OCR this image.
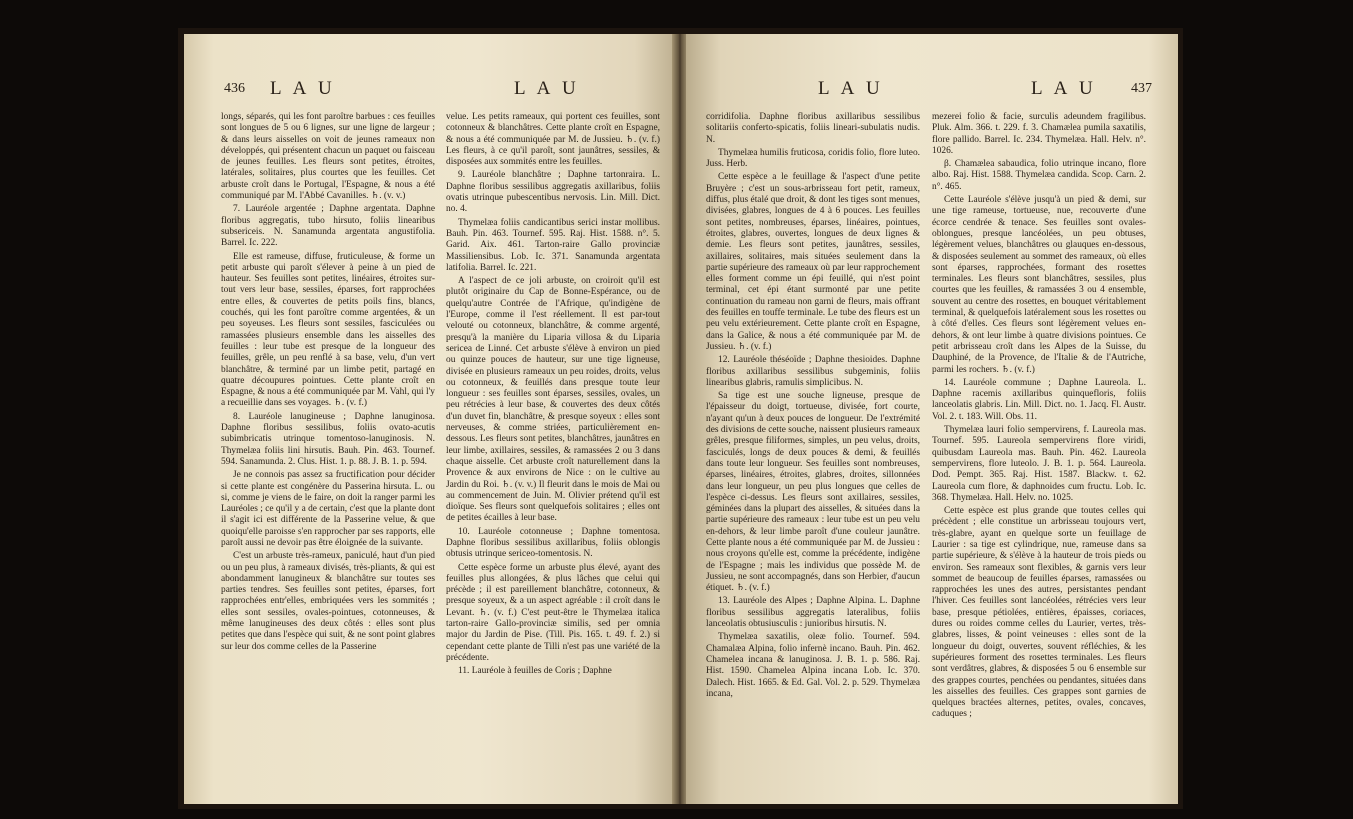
436 L A U	L A U

longs, séparés, qui les font paroître barbues : ces feuilles sont longues de 5 ou 6 lignes, sur une ligne de largeur ; & dans leurs aisselles on voit de jeunes rameaux non développés, qui présentent chacun un paquet ou faisceau de jeunes feuilles. Les fleurs sont petites, étroites, latérales, solitaires, plus courtes que les feuilles. Cet arbuste croît dans le Portugal, l'Espagne, & nous a été communiqué par M. l'Abbé Cavanilles. ♄. (v. v.)

7. Lauréole argentée ; Daphne argentata. Daphne floribus aggregatis, tubo hirsuto, foliis linearibus subsericeis. N. Sanamunda argentata angustifolia. Barrel. Ic. 222.

Elle est rameuse, diffuse, fruticuleuse, & forme un petit arbuste qui paroît s'élever à peine à un pied de hauteur. Ses feuilles sont petites, linéaires, étroites sur-tout vers leur base, sessiles, éparses, fort rapprochées entre elles, & couvertes de petits poils fins, blancs, couchés, qui les font paroître comme argentées, & un peu soyeuses. Les fleurs sont sessiles, fasciculées ou ramassées plusieurs ensemble dans les aisselles des feuilles : leur tube est presque de la longueur des feuilles, grêle, un peu renflé à sa base, velu, d'un vert blanchâtre, & terminé par un limbe petit, partagé en quatre découpures pointues. Cette plante croît en Espagne, & nous a été communiquée par M. Vahl, qui l'y a recueillie dans ses voyages. ♄. (v. f.)

8. Lauréole lanugineuse ; Daphne lanuginosa. Daphne floribus sessilibus, foliis ovato-acutis subimbricatis utrinque tomentoso-lanuginosis. N. Thymelæa foliis lini hirsutis. Bauh. Pin. 463. Tournef. 594. Sanamunda. 2. Clus. Hist. 1. p. 88. J. B. 1. p. 594.

Je ne connois pas assez sa fructification pour décider si cette plante est congénère du Passerina hirsuta. L. ou si, comme je viens de le faire, on doit la ranger parmi les Lauréoles ; ce qu'il y a de certain, c'est que la plante dont il s'agit ici est différente de la Passerine velue, & que quoiqu'elle paroisse s'en rapprocher par ses rapports, elle paroît aussi ne devoir pas être éloignée de la suivante.

C'est un arbuste très-rameux, paniculé, haut d'un pied ou un peu plus, à rameaux divisés, très-pliants, & qui est abondamment lanugineux & blanchâtre sur toutes ses parties tendres. Ses feuilles sont petites, éparses, fort rapprochées entr'elles, embriquées vers les sommités ; elles sont sessiles, ovales-pointues, cotonneuses, & même lanugineuses des deux côtés : elles sont plus petites que dans l'espèce qui suit, & ne sont point glabres sur leur dos comme celles de la Passerine

velue. Les petits rameaux, qui portent ces feuilles, sont cotonneux & blanchâtres. Cette plante croît en Espagne, & nous a été communiquée par M. de Jussieu. ♄. (v. f.) Les fleurs, à ce qu'il paroît, sont jaunâtres, sessiles, & disposées aux sommités entre les feuilles.

9. Lauréole blanchâtre ; Daphne tartonraira. L. Daphne floribus sessilibus aggregatis axillaribus, foliis ovatis utrinque pubescentibus nervosis. Lin. Mill. Dict. no. 4.

Thymelæa foliis candicantibus serici instar mollibus. Bauh. Pin. 463. Tournef. 595. Raj. Hist. 1588. n°. 5. Garid. Aix. 461. Tarton-raire Gallo provinciæ Massiliensibus. Lob. Ic. 371. Sanamunda argentata latifolia. Barrel. Ic. 221.

A l'aspect de ce joli arbuste, on croiroit qu'il est plutôt originaire du Cap de Bonne-Espérance, ou de quelqu'autre Contrée de l'Afrique, qu'indigène de l'Europe, comme il l'est réellement. Il est par-tout velouté ou cotonneux, blanchâtre, & comme argenté, presqu'à la manière du Liparia villosa & du Liparia sericea de Linné. Cet arbuste s'élève à environ un pied ou quinze pouces de hauteur, sur une tige ligneuse, divisée en plusieurs rameaux un peu roides, droits, velus ou cotonneux, & feuillés dans presque toute leur longueur : ses feuilles sont éparses, sessiles, ovales, un peu rétrécies à leur base, & couvertes des deux côtés d'un duvet fin, blanchâtre, & presque soyeux : elles sont nerveuses, & comme striées, particulièrement en-dessous. Les fleurs sont petites, blanchâtres, jaunâtres en leur limbe, axillaires, sessiles, & ramassées 2 ou 3 dans chaque aisselle. Cet arbuste croît naturellement dans la Provence & aux environs de Nice : on le cultive au Jardin du Roi. ♄. (v. v.) Il fleurit dans le mois de Mai ou au commencement de Juin. M. Olivier prétend qu'il est dioïque. Ses fleurs sont quelquefois solitaires ; elles ont de petites écailles à leur base.

10. Lauréole cotonneuse ; Daphne tomentosa. Daphne floribus sessilibus axillaribus, foliis oblongis obtusis utrinque sericeo-tomentosis. N.

Cette espèce forme un arbuste plus élevé, ayant des feuilles plus allongées, & plus lâches que celui qui précède ; il est pareillement blanchâtre, cotonneux, & presque soyeux, & a un aspect agréable : il croît dans le Levant. ♄. (v. f.) C'est peut-être le Thymelæa italica tarton-raire Gallo-provinciæ similis, sed per omnia major du Jardin de Pise. (Till. Pis. 165. t. 49. f. 2.) si cependant cette plante de Tilli n'est pas une variété de la précédente.

11. Lauréole à feuilles de Coris ; Daphne

L A U	L A U 437

corridifolia. Daphne floribus axillaribus sessilibus solitariis conferto-spicatis, foliis lineari-subulatis nudis. N.

Thymelæa humilis fruticosa, coridis folio, flore luteo. Juss. Herb.

Cette espèce a le feuillage & l'aspect d'une petite Bruyère ; c'est un sous-arbrisseau fort petit, rameux, diffus, plus étalé que droit, & dont les tiges sont menues, divisées, glabres, longues de 4 à 6 pouces. Les feuilles sont petites, nombreuses, éparses, linéaires, pointues, étroites, glabres, ouvertes, longues de deux lignes & demie. Les fleurs sont petites, jaunâtres, sessiles, axillaires, solitaires, mais situées seulement dans la partie supérieure des rameaux où par leur rapprochement elles forment comme un épi feuillé, qui n'est point terminal, cet épi étant surmonté par une petite continuation du rameau non garni de fleurs, mais offrant des feuilles en touffe terminale. Le tube des fleurs est un peu velu extérieurement. Cette plante croît en Espagne, dans la Galice, & nous a été communiquée par M. de Jussieu. ♄. (v. f.)

12. Lauréole théséoïde ; Daphne thesioides. Daphne floribus axillaribus sessilibus subgeminis, foliis linearibus glabris, ramulis simplicibus. N.

Sa tige est une souche ligneuse, presque de l'épaisseur du doigt, tortueuse, divisée, fort courte, n'ayant qu'un à deux pouces de longueur. De l'extrémité des divisions de cette souche, naissent plusieurs rameaux grêles, presque filiformes, simples, un peu velus, droits, fasciculés, longs de deux pouces & demi, & feuillés dans toute leur longueur. Ses feuilles sont nombreuses, éparses, linéaires, étroites, glabres, droites, sillonnées dans leur longueur, un peu plus longues que celles de l'espèce ci-dessus. Les fleurs sont axillaires, sessiles, géminées dans la plupart des aisselles, & situées dans la partie supérieure des rameaux : leur tube est un peu velu en-dehors, & leur limbe paroît d'une couleur jaunâtre. Cette plante nous a été communiquée par M. de Jussieu : nous croyons qu'elle est, comme la précédente, indigène de l'Espagne ; mais les individus que possède M. de Jussieu, ne sont accompagnés, dans son Herbier, d'aucun étiquet. ♄. (v. f.)

13. Lauréole des Alpes ; Daphne Alpina. L. Daphne floribus sessilibus aggregatis lateralibus, foliis lanceolatis obtusiusculis : junioribus hirsutis. N.

Thymelæa saxatilis, oleæ folio. Tournef. 594. Chamalæa Alpina, folio infernè incano. Bauh. Pin. 462. Chamelea incana & lanuginosa. J. B. 1. p. 586. Raj. Hist. 1590. Chamelea Alpina incana Lob. Ic. 370. Dalech. Hist. 1665. & Ed. Gal. Vol. 2. p. 529. Thymelæa incana,

mezerei folio & facie, surculis adeundem fragilibus. Pluk. Alm. 366. t. 229. f. 3. Chamælea pumila saxatilis, flore pallido. Barrel. Ic. 234. Thymelæa. Hall. Helv. n°. 1026.

β. Chamælea sabaudica, folio utrinque incano, flore albo. Raj. Hist. 1588. Thymelæa candida. Scop. Carn. 2. n°. 465.

Cette Lauréole s'élève jusqu'à un pied & demi, sur une tige rameuse, tortueuse, nue, recouverte d'une écorce cendrée & tenace. Ses feuilles sont ovales-oblongues, presque lancéolées, un peu obtuses, légèrement velues, blanchâtres ou glauques en-dessous, & disposées seulement au sommet des rameaux, où elles sont éparses, rapprochées, formant des rosettes terminales. Les fleurs sont blanchâtres, sessiles, plus courtes que les feuilles, & ramassées 3 ou 4 ensemble, souvent au centre des rosettes, en bouquet véritablement terminal, & quelquefois latéralement sous les rosettes ou à côté d'elles. Ces fleurs sont légèrement velues en-dehors, & ont leur limbe à quatre divisions pointues. Ce petit arbrisseau croît dans les Alpes de la Suisse, du Dauphiné, de la Provence, de l'Italie & de l'Autriche, parmi les rochers. ♄. (v. f.)

14. Lauréole commune ; Daphne Laureola. L. Daphne racemis axillaribus quinquefloris, foliis lanceolatis glabris. Lin. Mill. Dict. no. 1. Jacq. Fl. Austr. Vol. 2. t. 183. Will. Obs. 11.

Thymelæa lauri folio sempervirens, f. Laureola mas. Tournef. 595. Laureola sempervirens flore viridi, quibusdam Laureola mas. Bauh. Pin. 462. Laureola sempervirens, flore luteolo. J. B. 1. p. 564. Laureola. Dod. Pempt. 365. Raj. Hist. 1587. Blackw. t. 62. Laureola cum flore, & daphnoides cum fructu. Lob. Ic. 368. Thymelæa. Hall. Helv. no. 1025.

Cette espèce est plus grande que toutes celles qui précèdent ; elle constitue un arbrisseau toujours vert, très-glabre, ayant en quelque sorte un feuillage de Laurier : sa tige est cylindrique, nue, rameuse dans sa partie supérieure, & s'élève à la hauteur de trois pieds ou environ. Ses rameaux sont flexibles, & garnis vers leur sommet de beaucoup de feuilles éparses, ramassées ou rapprochées les unes des autres, persistantes pendant l'hiver. Ces feuilles sont lancéolées, rétrécies vers leur base, presque pétiolées, entières, épaisses, coriaces, dures ou roides comme celles du Laurier, vertes, très-glabres, lisses, & point veineuses : elles sont de la longueur du doigt, ouvertes, souvent réfléchies, & les supérieures forment des rosettes terminales. Les fleurs sont verdâtres, glabres, & disposées 5 ou 6 ensemble sur des grappes courtes, penchées ou pendantes, situées dans les aisselles des feuilles. Ces grappes sont garnies de quelques bractées alternes, petites, ovales, concaves, caduques ;
